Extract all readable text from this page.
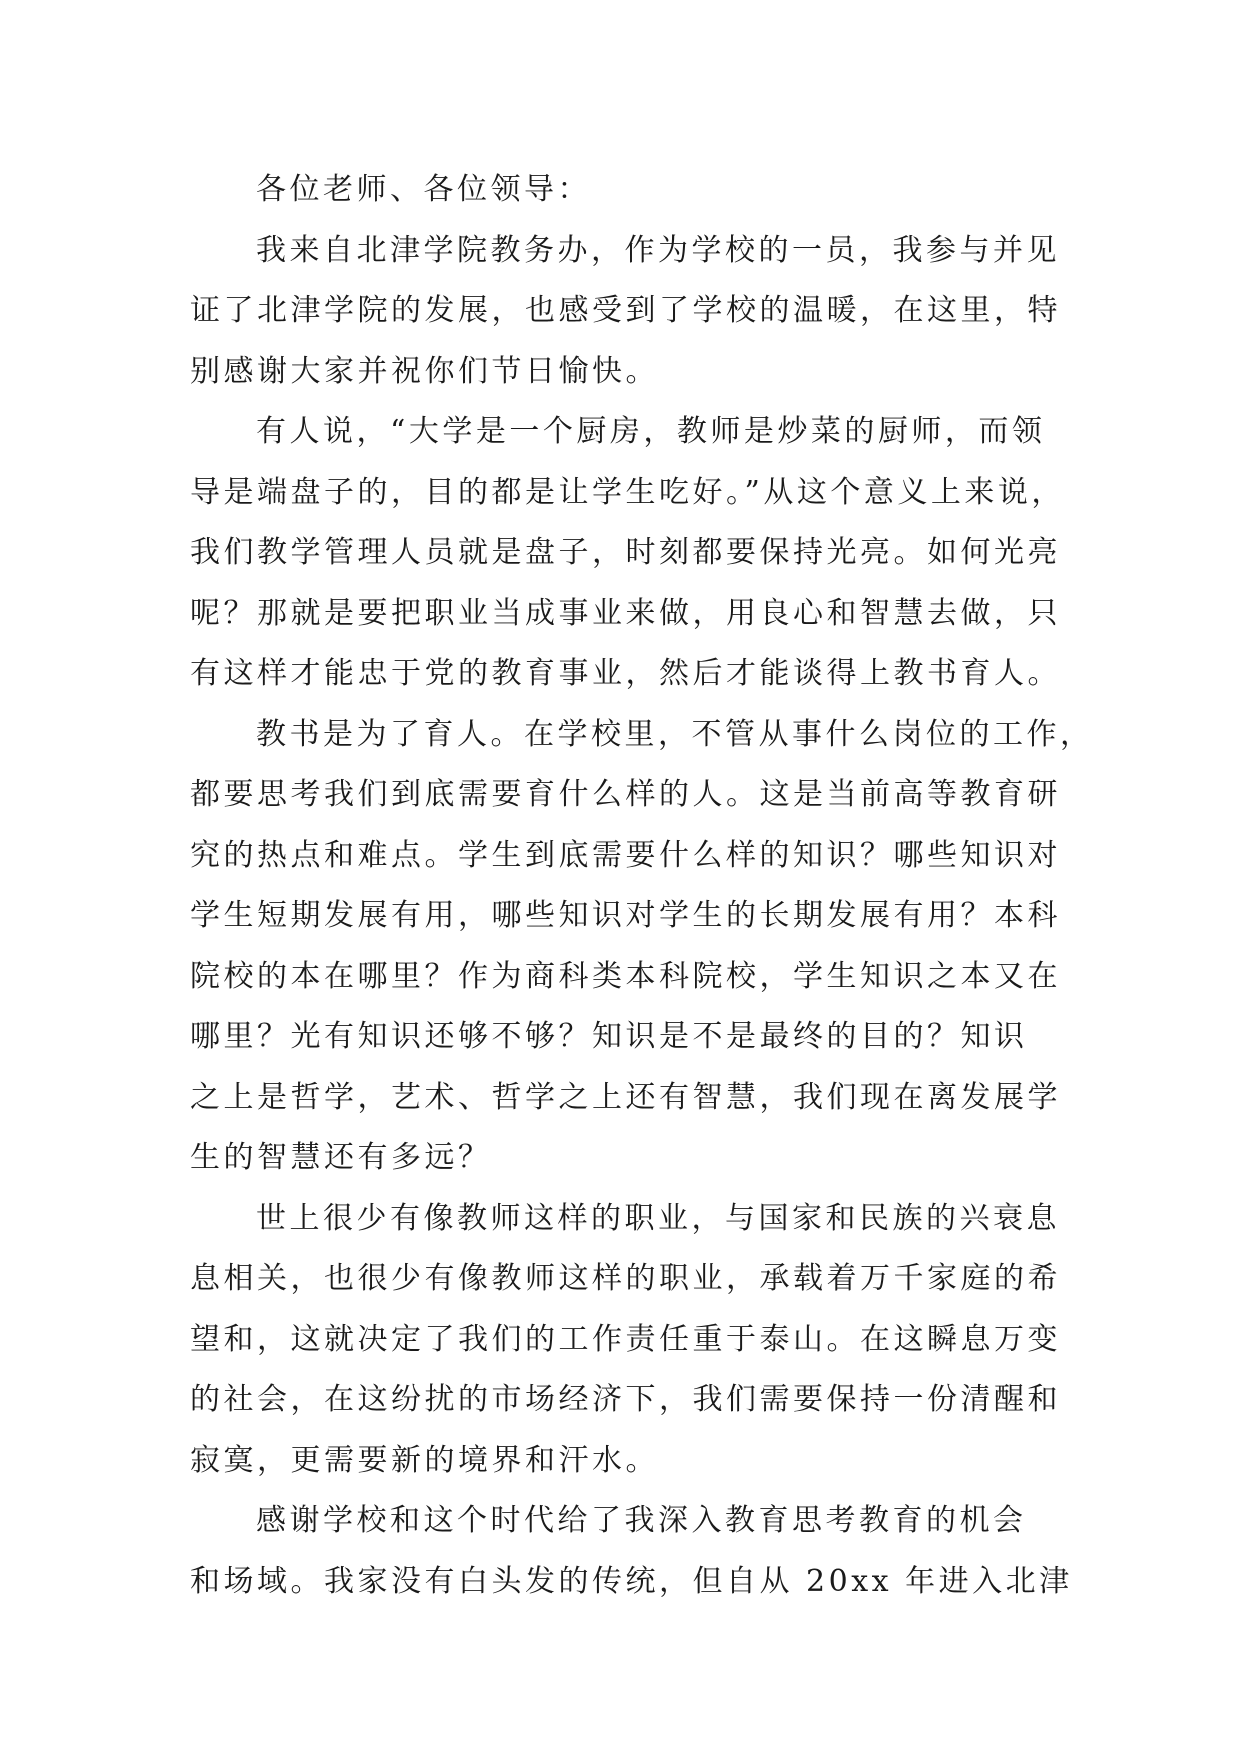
各位老师、各位领导：
我来自北津学院教务办，作为学校的一员，我参与并见
证了北津学院的发展，也感受到了学校的温暖，在这里，特
别感谢大家并祝你们节日愉快。
有人说，“大学是一个厨房，教师是炒菜的厨师，而领
导是端盘子的，目的都是让学生吃好。”从这个意义上来说，
我们教学管理人员就是盘子，时刻都要保持光亮。如何光亮
呢？那就是要把职业当成事业来做，用良心和智慧去做，只
有这样才能忠于党的教育事业，然后才能谈得上教书育人。
教书是为了育人。在学校里，不管从事什么岗位的工作，
都要思考我们到底需要育什么样的人。这是当前高等教育研
究的热点和难点。学生到底需要什么样的知识？哪些知识对
学生短期发展有用，哪些知识对学生的长期发展有用？本科
院校的本在哪里？作为商科类本科院校，学生知识之本又在
哪里？光有知识还够不够？知识是不是最终的目的？知识
之上是哲学，艺术、哲学之上还有智慧，我们现在离发展学
生的智慧还有多远？
世上很少有像教师这样的职业，与国家和民族的兴衰息
息相关，也很少有像教师这样的职业，承载着万千家庭的希
望和，这就决定了我们的工作责任重于泰山。在这瞬息万变
的社会，在这纷扰的市场经济下，我们需要保持一份清醒和
寂寞，更需要新的境界和汗水。
感谢学校和这个时代给了我深入教育思考教育的机会
和场域。我家没有白头发的传统，但自从 20xx 年进入北津
